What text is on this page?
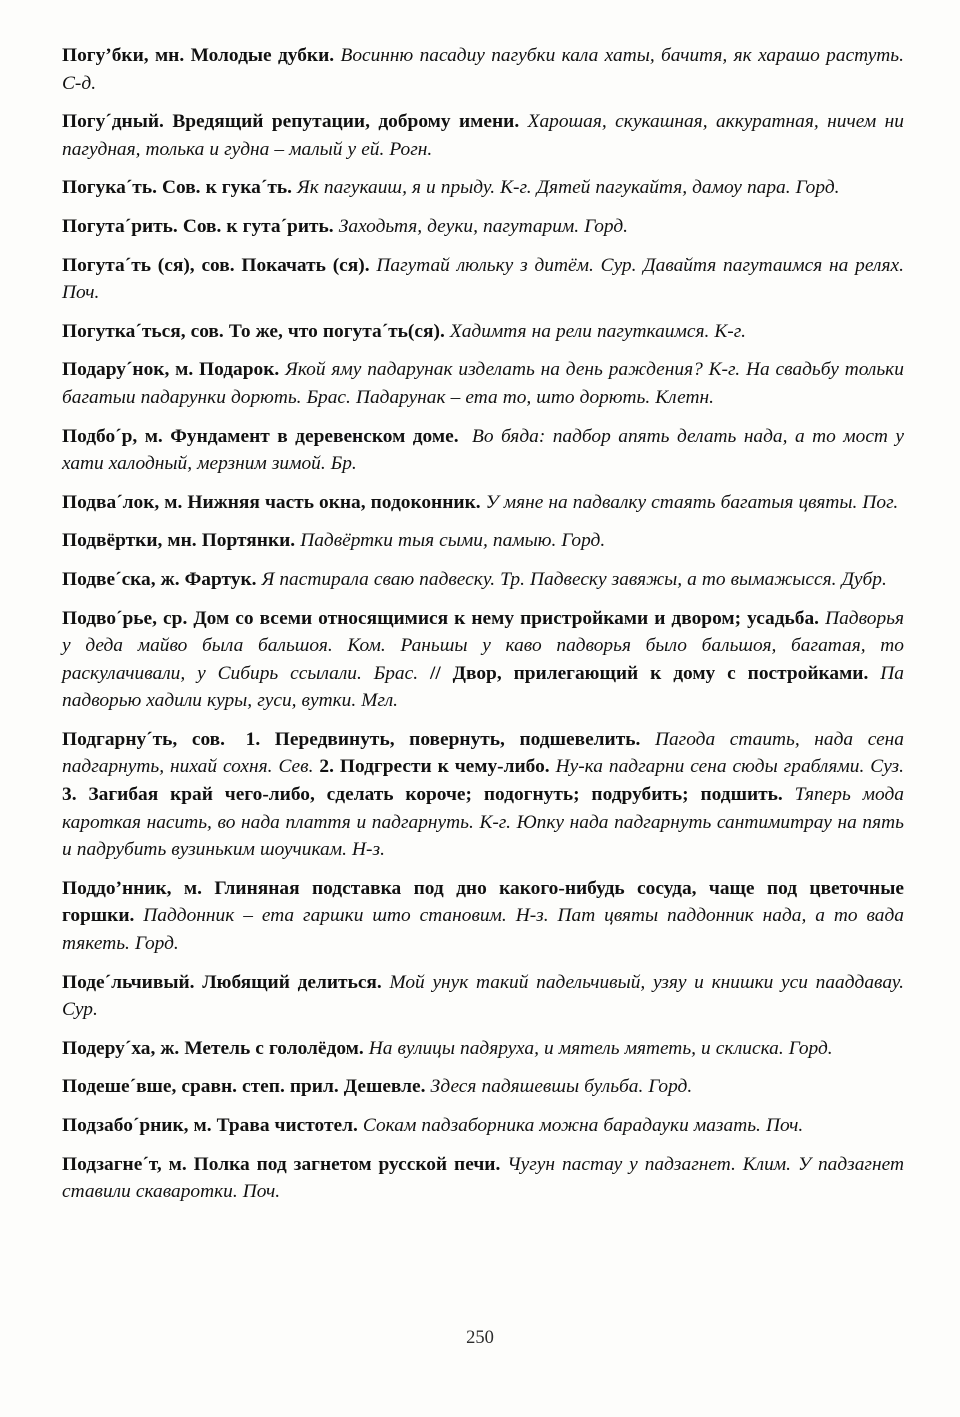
Погу’бки, мн. Молодые дубки. Восинню пасадиу пагубки кала хаты, бачитя, як харашо растуть. С-д.

Погу´дный. Вредящий репутации, доброму имени. Харошая, скукашная, аккуратная, ничем ни пагудная, толька и гудна – малый у ей. Рогн.

Погука´ть. Сов. к гука´ть. Як пагукаиш, я и прыду. К-г. Дятей пагукайтя, дамоу пара. Горд.

Погута´рить. Сов. к гута´рить. Заходьтя, деуки, пагутарим. Горд.

Погута´ть (ся), сов. Покачать (ся). Пагутай люльку з дитём. Сур. Давайтя пагутаимся на релях. Поч.

Погутка´ться, сов. То же, что погута´ть(ся). Хадимтя на рели пагуткаимся. К-г.

Подару´нок, м. Подарок. Якой яму падарунак изделать на день раждения? К-г. На свадьбу тольки багатыи падарунки дорють. Брас. Падарунак – ета то, што дорють. Клетн.

Подбо´р, м. Фундамент в деревенском доме. Во бяда: падбор апять делать нада, а то мост у хати халодный, мерзним зимой. Бр.

Подва´лок, м. Нижняя часть окна, подоконник. У мяне на падвалку стаять багатыя цвяты. Пог.

Подвёртки, мн. Портянки. Падвёртки тыя сыми, памыю. Горд.

Подве´ска, ж. Фартук. Я пастирала сваю падвеску. Тр. Падвеску завяжы, а то вымажысся. Дубр.

Подво´рье, ср. Дом со всеми относящимися к нему пристройками и двором; усадьба. Падворья у деда майво была бальшоя. Ком. Раньшы у каво падворья было бальшоя, багатая, то раскулачивали, у Сибирь ссылали. Брас. // Двор, прилегающий к дому с постройками. Па падворью хадили куры, гуси, вутки. Мгл.

Подгарну´ть, сов. 1. Передвинуть, повернуть, подшевелить. Пагода стаить, нада сена падгарнуть, нихай сохня. Сев. 2. Подгрести к чему-либо. Ну-ка падгарни сена сюды граблями. Суз. 3. Загибая край чего-либо, сделать короче; подогнуть; подрубить; подшить. Тяперь мода кароткая насить, во нада плаття и падгарнуть. К-г. Юпку нада падгарнуть сантимитрау на пять и падрубить вузиньким шоучикам. Н-з.

Поддо’нник, м. Глиняная подставка под дно какого-нибудь сосуда, чаще под цветочные горшки. Паддонник – ета гаршки што становим. Н-з. Пат цвяты паддонник нада, а то вада тякеть. Горд.

Поде´льчивый. Любящий делиться. Мой унук такий падельчивый, узяу и книшки уси пааддавау. Сур.

Подеру´ха, ж. Метель с гололёдом. На вулицы падяруха, и мятель мятеть, и склиска. Горд.

Подеше´вше, сравн. степ. прил. Дешевле. Здеся падяшевшы бульба. Горд.

Подзабо´рник, м. Трава чистотел. Сокам падзаборника можна барадауки мазать. Поч.

Подзагне´т, м. Полка под загнетом русской печи. Чугун пастау у падзагнет. Клим. У падзагнет ставили скаваротки. Поч.

250
